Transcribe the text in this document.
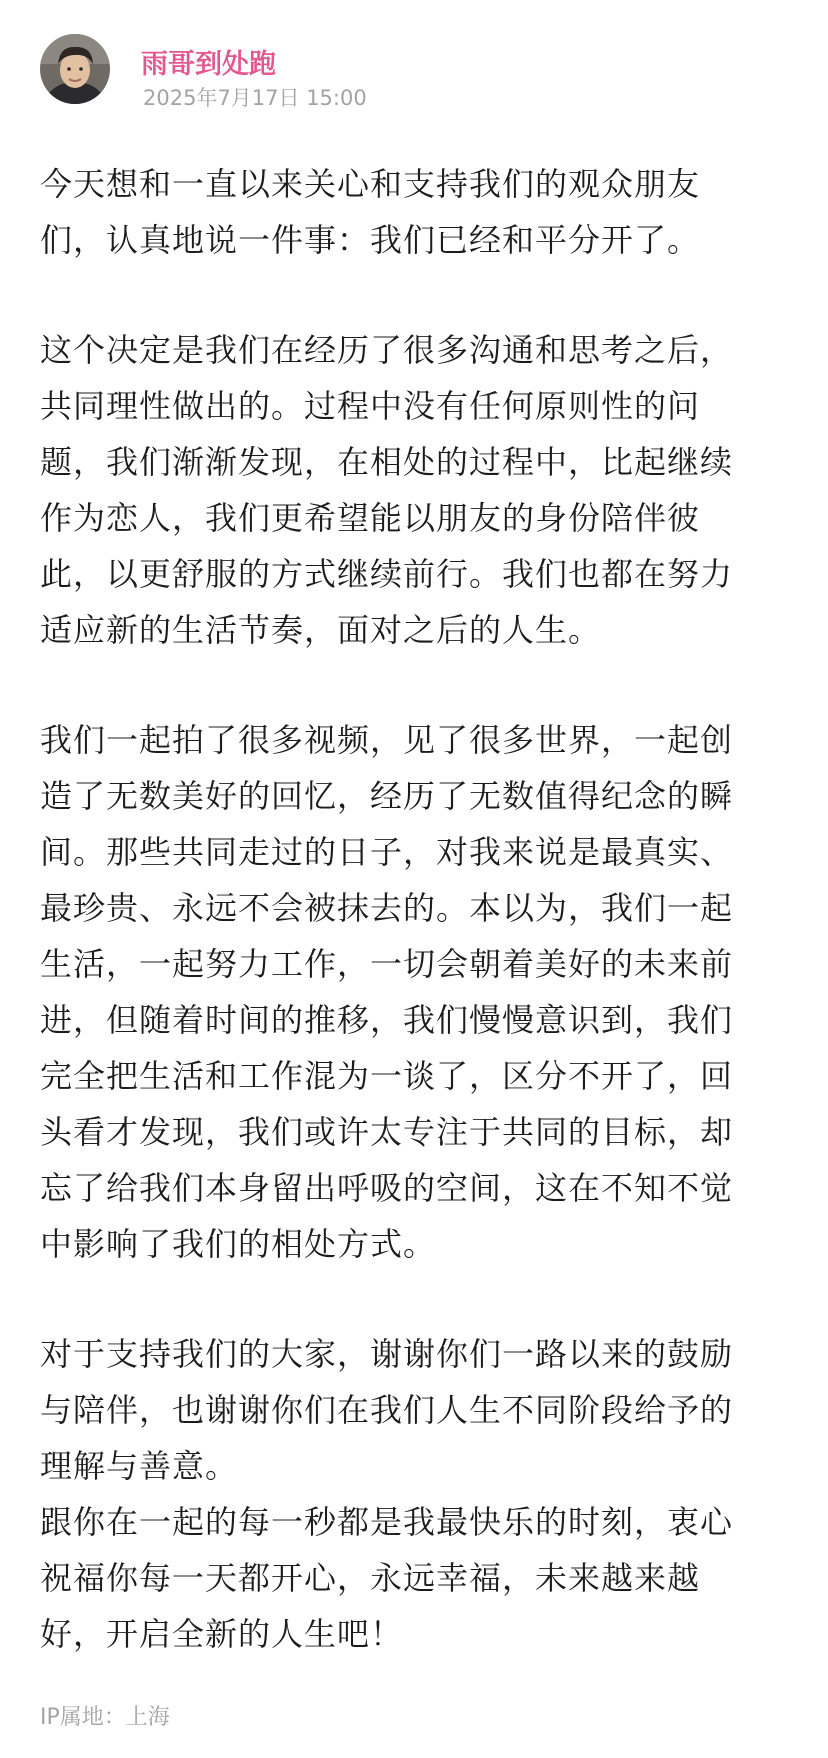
雨哥到处跑
2025年7月17日 15:00
今天想和一直以来关心和支持我们的观众朋友
们，认真地说一件事：我们已经和平分开了。
这个决定是我们在经历了很多沟通和思考之后，
共同理性做出的。过程中没有任何原则性的问
题，我们渐渐发现，在相处的过程中，比起继续
作为恋人，我们更希望能以朋友的身份陪伴彼
此，以更舒服的方式继续前行。我们也都在努力
适应新的生活节奏，面对之后的人生。
我们一起拍了很多视频，见了很多世界，一起创
造了无数美好的回忆，经历了无数值得纪念的瞬
间。那些共同走过的日子，对我来说是最真实、
最珍贵、永远不会被抹去的。本以为，我们一起
生活，一起努力工作，一切会朝着美好的未来前
进，但随着时间的推移，我们慢慢意识到，我们
完全把生活和工作混为一谈了，区分不开了，回
头看才发现，我们或许太专注于共同的目标，却
忘了给我们本身留出呼吸的空间，这在不知不觉
中影响了我们的相处方式。
对于支持我们的大家，谢谢你们一路以来的鼓励
与陪伴，也谢谢你们在我们人生不同阶段给予的
理解与善意。
跟你在一起的每一秒都是我最快乐的时刻，衷心
祝福你每一天都开心，永远幸福，未来越来越
好，开启全新的人生吧！
IP属地：上海
